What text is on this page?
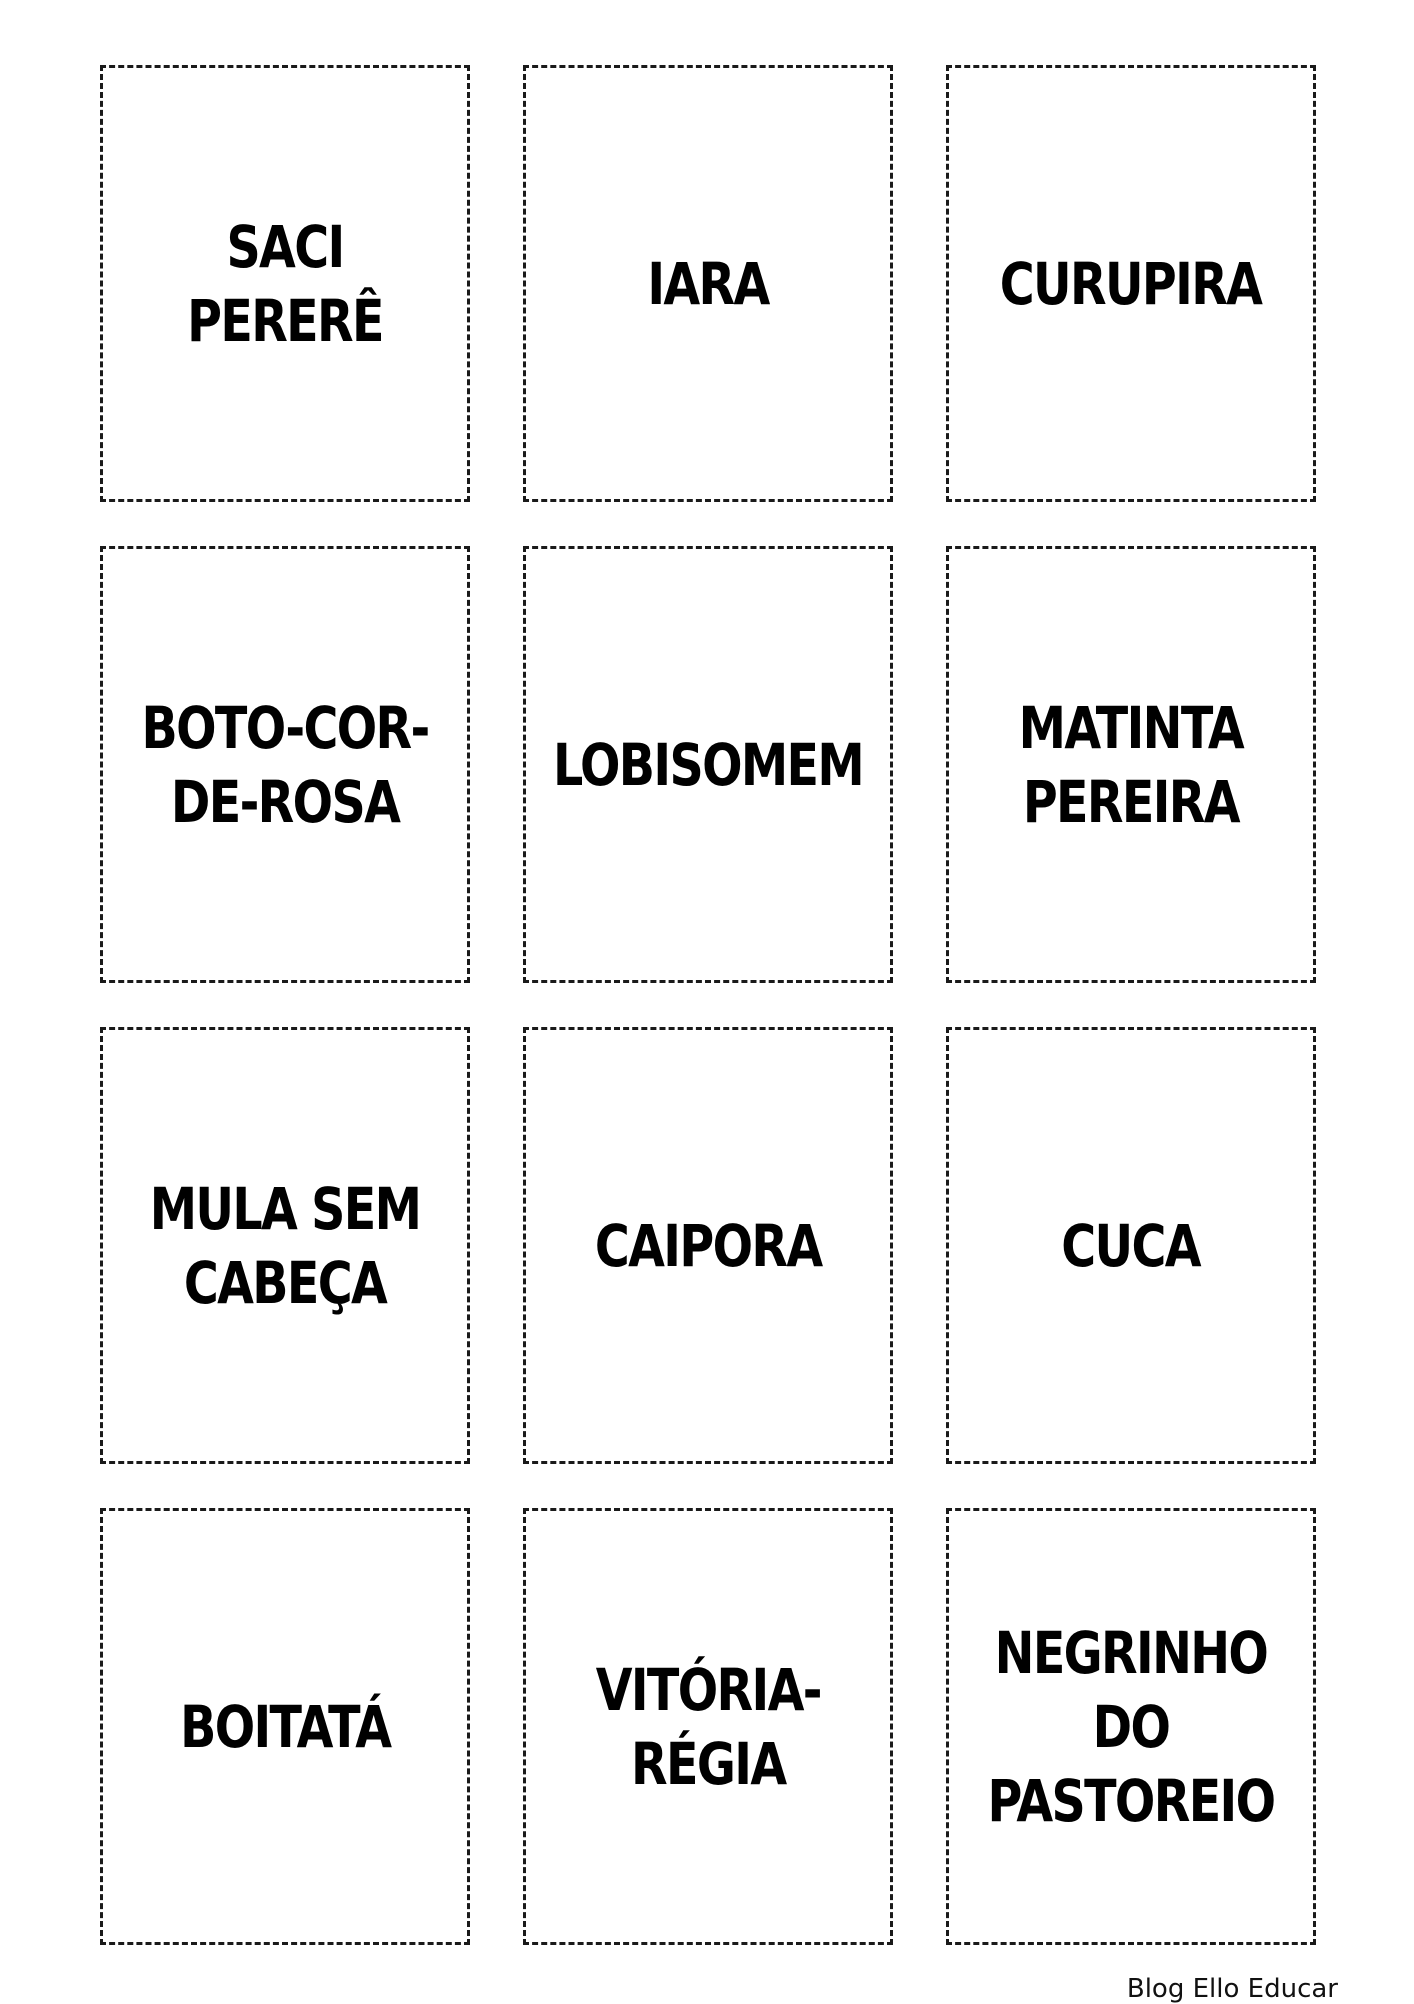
SACI PERERÊ
IARA	CURUPIRA
BOTO-COR-
DE-ROSA
LOBISOMEM
MATINTA
PEREIRA
MULA SEM
CABEÇA
CAIPORA	CUCA
BOITATÁ
VITÓRIA-
RÉGIA
NEGRINHO
DO
PASTOREIO

Blog Ello Educar
